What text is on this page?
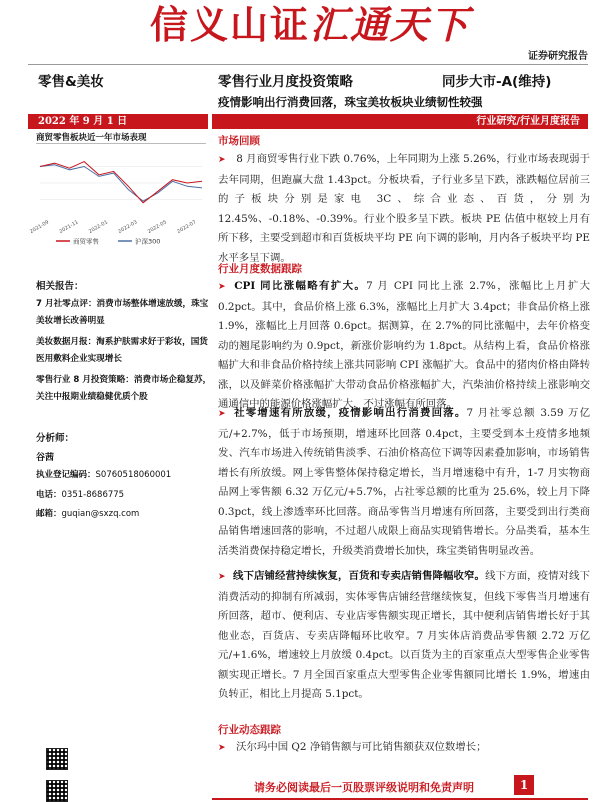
信义山证汇通天下
证券研究报告
零售&美妆	零售行业月度投资策略	同步大市-A(维持)
疫情影响出行消费回落，珠宝美妆板块业绩韧性较强
2022 年 9 月 1 日	行业研究/行业月度报告
商贸零售板块近一年市场表现
2021-09 2021-11 2022-01 2022-03 2022-05 2022-07
商贸零售	沪深300
相关报告：
7 月社零点评：消费市场整体增速放缓，珠宝美妆增长改善明显
美妆数据月报：淘系护肤需求好于彩妆，国货医用敷料企业实现增长
零售行业 8 月投资策略：消费市场企稳复苏，关注中报期业绩稳健优质个股
分析师：
谷茜
执业登记编码：S0760518060001
电话：0351-8686775
邮箱：guqian@sxzq.com
市场回顾
➤ 8 月商贸零售行业下跌 0.76%，上年同期为上涨 5.26%，行业市场表现弱于去年同期，但跑赢大盘 1.43pct。分板块看，子行业多呈下跌，涨跌幅位居前三的子板块分别是家电 3C、综合业态、百货，分别为 12.45%、-0.18%、-0.39%。行业个股多呈下跌。板块 PE 估值中枢较上月有所下移，主要受到超市和百货板块平均 PE 向下调的影响，月内各子板块平均 PE 水平多呈下调。
行业月度数据跟踪
➤ CPI 同比涨幅略有扩大。7 月 CPI 同比上涨 2.7%，涨幅比上月扩大 0.2pct。其中，食品价格上涨 6.3%，涨幅比上月扩大 3.4pct；非食品价格上涨 1.9%，涨幅比上月回落 0.6pct。据测算，在 2.7%的同比涨幅中，去年价格变动的翘尾影响约为 0.9pct，新涨价影响约为 1.8pct。从结构上看，食品价格涨幅扩大和非食品价格持续上涨共同影响 CPI 涨幅扩大。食品中的猪肉价格由降转涨，以及鲜菜价格涨幅扩大带动食品价格涨幅扩大，汽柴油价格持续上涨影响交通通信中的能源价格涨幅扩大，不过涨幅有所回落。
➤ 社零增速有所放缓，疫情影响出行消费回落。7 月社零总额 3.59 万亿元/+2.7%，低于市场预期，增速环比回落 0.4pct，主要受到本土疫情多地频发、汽车市场进入传统销售淡季、石油价格高位下调等因素叠加影响，市场销售增长有所放缓。网上零售整体保持稳定增长，当月增速稳中有升，1-7 月实物商品网上零售额 6.32 万亿元/+5.7%，占社零总额的比重为 25.6%，较上月下降 0.3pct，线上渗透率环比回落。商品零售当月增速有所回落，主要受到出行类商品销售增速回落的影响，不过超八成限上商品实现销售增长。分品类看，基本生活类消费保持稳定增长，升级类消费增长加快，珠宝类销售明显改善。
➤ 线下店铺经营持续恢复，百货和专卖店销售降幅收窄。线下方面，疫情对线下消费活动的抑制有所减弱，实体零售店铺经营继续恢复，但线下零售当月增速有所回落，超市、便利店、专业店零售额实现正增长，其中便利店销售增长好于其他业态，百货店、专卖店降幅环比收窄。7 月实体店消费品零售额 2.72 万亿元/+1.6%，增速较上月放缓 0.4pct。以百货为主的百家重点大型零售企业零售额实现正增长。7 月全国百家重点大型零售企业零售额同比增长 1.9%，增速由负转正，相比上月提高 5.1pct。
行业动态跟踪
➤ 沃尔玛中国 Q2 净销售额与可比销售额获双位数增长；
请务必阅读最后一页股票评级说明和免责声明	1
